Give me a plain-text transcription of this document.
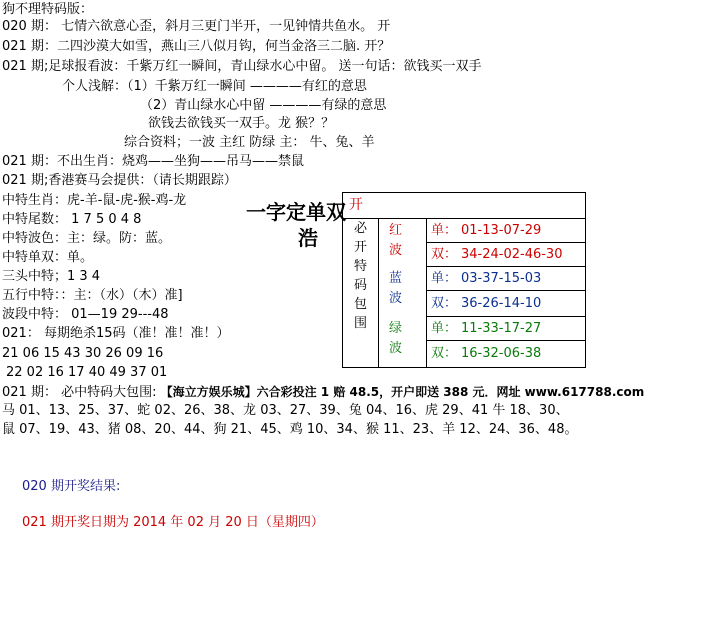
狗不理特码版：
020 期： 七情六欲意心歪，斜月三更门半开，一见钟情共鱼水。 开
021 期：二四沙漠大如雪，燕山三八似月钩，何当金洛三二脑. 开？
021 期;足球报看波：千紫万红一瞬间，青山绿水心中留。 送一句话：欲钱买一双手
个人浅解：（1）千紫万红一瞬间 ————有红的意思
（2）青山绿水心中留 ————有绿的意思
欲钱去欲钱买一双手。龙 猴？？
综合资料；一波 主红 防绿 主： 牛、兔、羊
021 期：不出生肖：烧鸡——坐狗——吊马——禁鼠
021 期;香港赛马会提供：（请长期跟踪）
中特生肖：虎-羊-鼠-虎-猴-鸡-龙
中特尾数： 1 7 5 0 4 8
中特波色：主：绿。防：蓝。
中特单双：单。
三头中特；1 3 4
五行中特：：主：（水）（木）准]
波段中特： 01—19 29---48
021： 每期绝杀15码（准！准！准！）
21 06 15 43 30 26 09 16
22 02 16 17 40 49 37 01
021 期： 必中特码大包围: 【海立方娱乐城】六合彩投注 1 赔 48.5，开户即送 388 元．网址 www.617788.com
马 01、13、25、37、蛇 02、26、38、龙 03、27、39、兔 04、16、虎 29、41 牛 18、30、
鼠 07、19、43、猪 08、20、44、狗 21、45、鸡 10、34、猴 11、23、羊 12、24、36、48。
020 期开奖结果:
021 期开奖日期为 2014 年 02 月 20 日（星期四）
一字定单双
浩
开
必
开
特
码
包
围
红
波
蓝
波
绿
波
单： 01-13-07-29
双： 34-24-02-46-30
单： 03-37-15-03
双： 36-26-14-10
单： 11-33-17-27
双： 16-32-06-38
